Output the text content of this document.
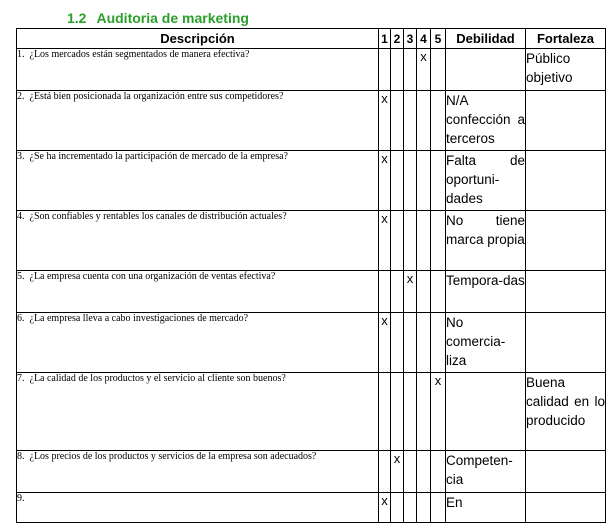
1.2 Auditoria de marketing
Descripción	1	2	3	4	5	Debilidad	Fortaleza
1. ¿Los mercados están segmentados de manera efectiva?				x			Público objetivo
2. ¿Está bien posicionada la organización entre sus competidores?	x					N/A confección a terceros	
3. ¿Se ha incrementado la participación de mercado de la empresa?	x					Falta de oportuni-dades	
4. ¿Son confiables y rentables los canales de distribución actuales?	x					No tiene marca propia	
5. ¿La empresa cuenta con una organización de ventas efectiva?			x			Tempora-das	
6. ¿La empresa lleva a cabo investigaciones de mercado?	x					No comercia-liza	
7. ¿La calidad de los productos y el servicio al cliente son buenos?					x		Buena calidad en lo producido
8. ¿Los precios de los productos y servicios de la empresa son adecuados?		x				Competen-cia	
9.	x					En	
